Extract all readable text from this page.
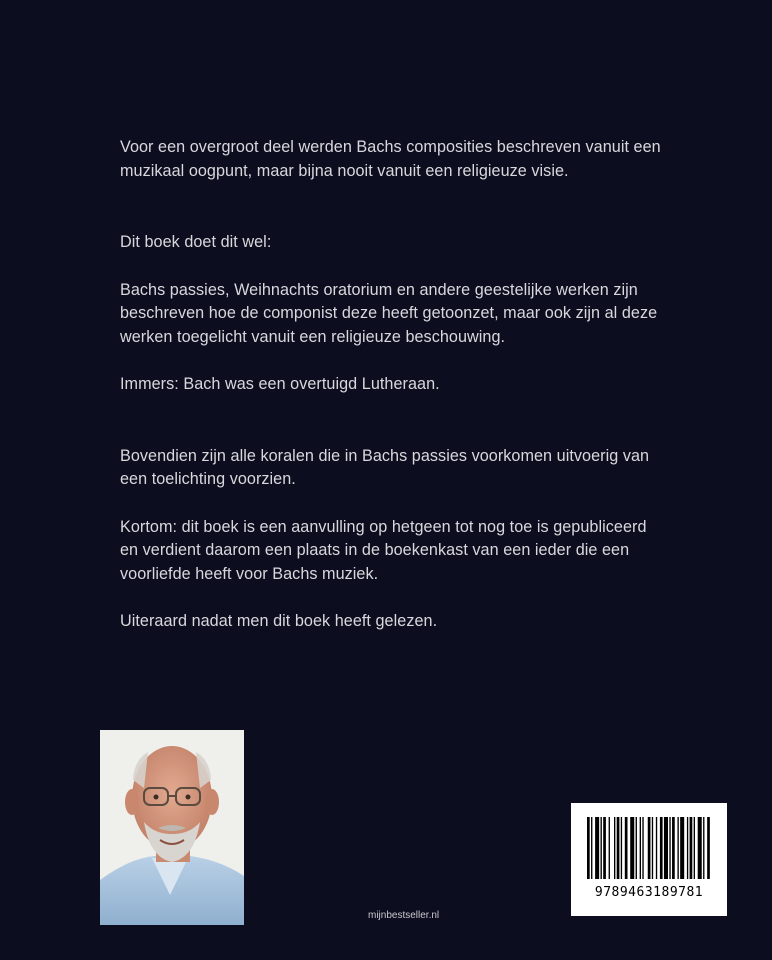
Voor een overgroot deel werden Bachs composities beschreven vanuit een
muzikaal oogpunt, maar bijna nooit vanuit een religieuze visie.

Dit boek doet dit wel:

Bachs passies, Weihnachts oratorium en andere geestelijke werken zijn
beschreven hoe de componist deze heeft getoonzet, maar ook zijn al deze
werken toegelicht vanuit een religieuze beschouwing.

Immers: Bach was een overtuigd Lutheraan.

Bovendien zijn alle koralen die in Bachs passies voorkomen uitvoerig van
een toelichting voorzien.

Kortom: dit boek is een aanvulling op hetgeen tot nog toe is gepubliceerd
en verdient daarom een plaats in de boekenkast van een ieder die een
voorliefde heeft voor Bachs muziek.

Uiteraard nadat men dit boek heeft gelezen.

mijnbestseller.nl
9789463189781
